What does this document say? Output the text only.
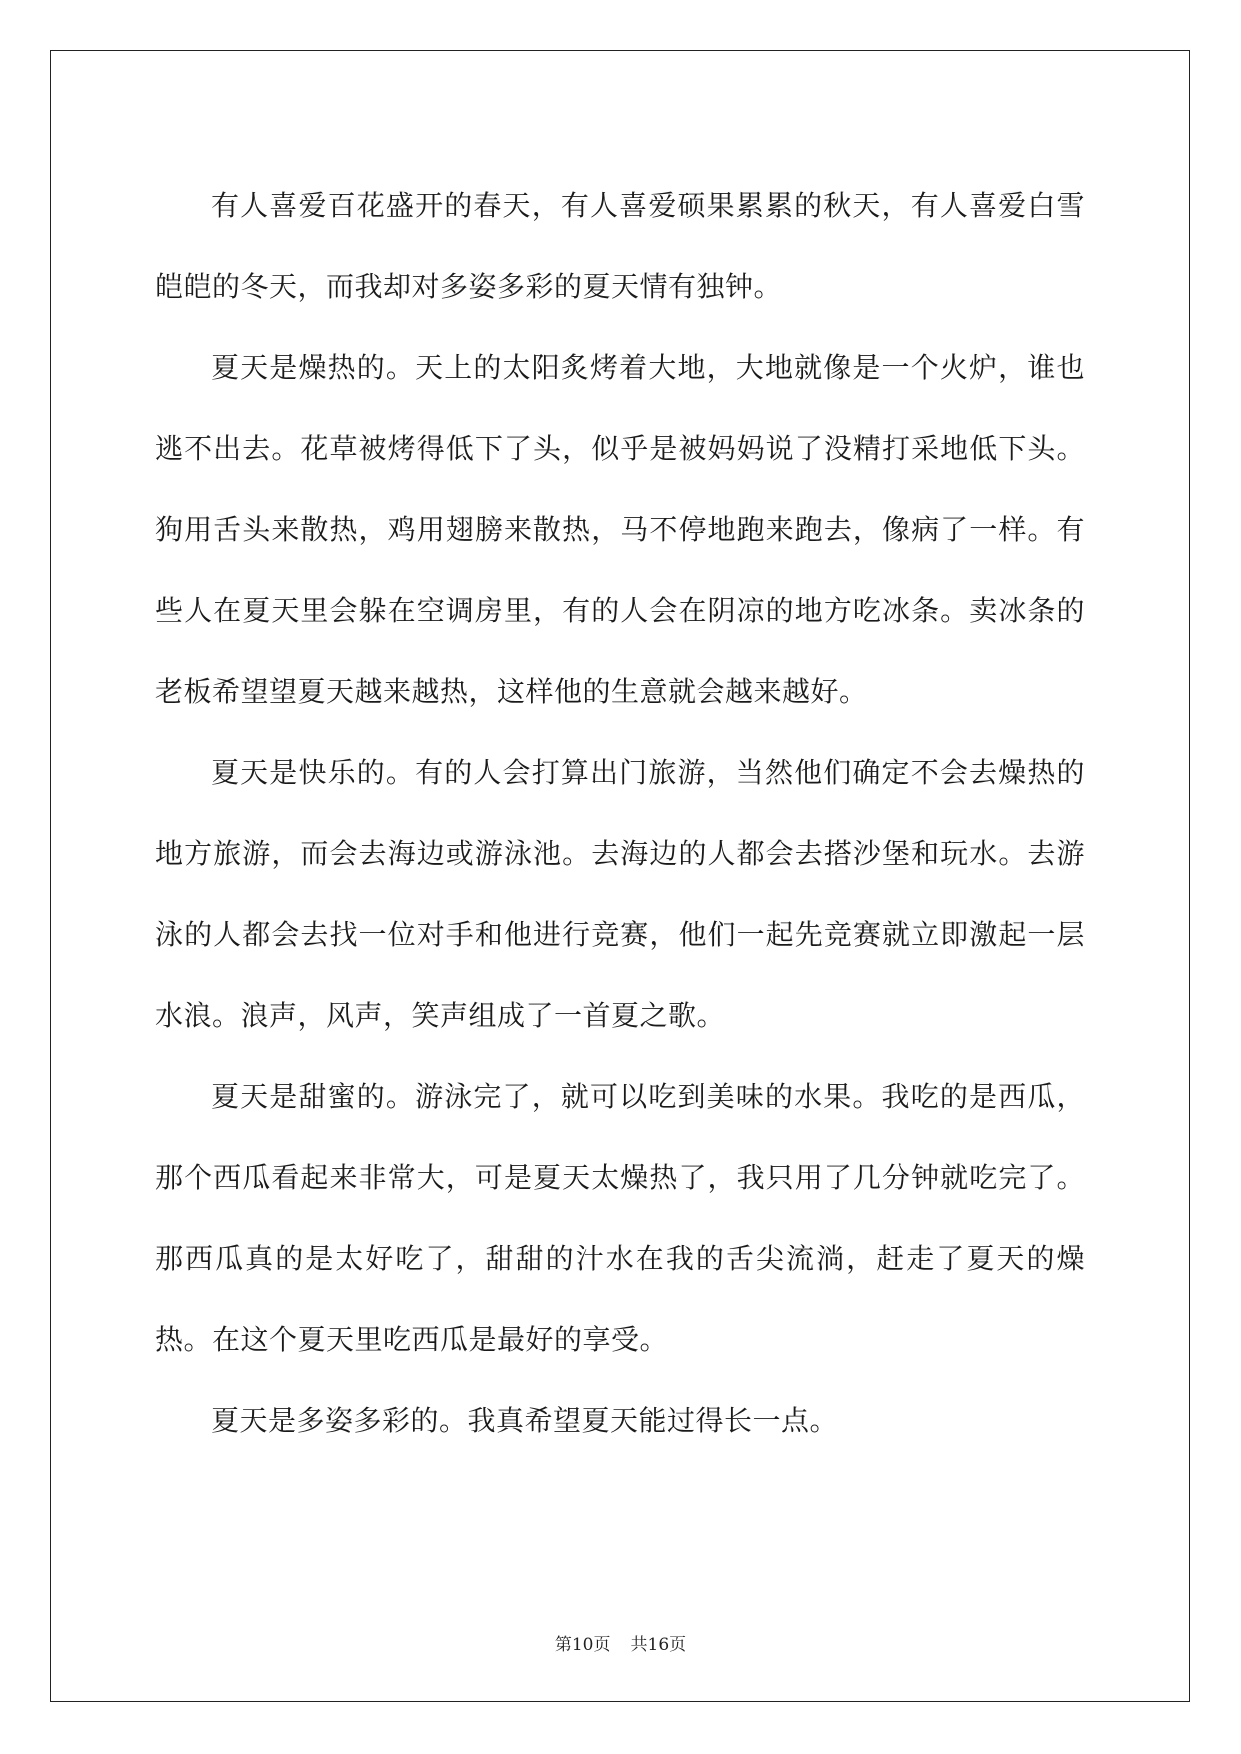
有人喜爱百花盛开的春天，有人喜爱硕果累累的秋天，有人喜爱白雪皑皑的冬天，而我却对多姿多彩的夏天情有独钟。

夏天是燥热的。天上的太阳炙烤着大地，大地就像是一个火炉，谁也逃不出去。花草被烤得低下了头，似乎是被妈妈说了没精打采地低下头。狗用舌头来散热，鸡用翅膀来散热，马不停地跑来跑去，像病了一样。有些人在夏天里会躲在空调房里，有的人会在阴凉的地方吃冰条。卖冰条的老板希望望夏天越来越热，这样他的生意就会越来越好。

夏天是快乐的。有的人会打算出门旅游，当然他们确定不会去燥热的地方旅游，而会去海边或游泳池。去海边的人都会去搭沙堡和玩水。去游泳的人都会去找一位对手和他进行竞赛，他们一起先竞赛就立即激起一层水浪。浪声，风声，笑声组成了一首夏之歌。

夏天是甜蜜的。游泳完了，就可以吃到美味的水果。我吃的是西瓜，那个西瓜看起来非常大，可是夏天太燥热了，我只用了几分钟就吃完了。那西瓜真的是太好吃了，甜甜的汁水在我的舌尖流淌，赶走了夏天的燥热。在这个夏天里吃西瓜是最好的享受。

夏天是多姿多彩的。我真希望夏天能过得长一点。

第10页 共16页
